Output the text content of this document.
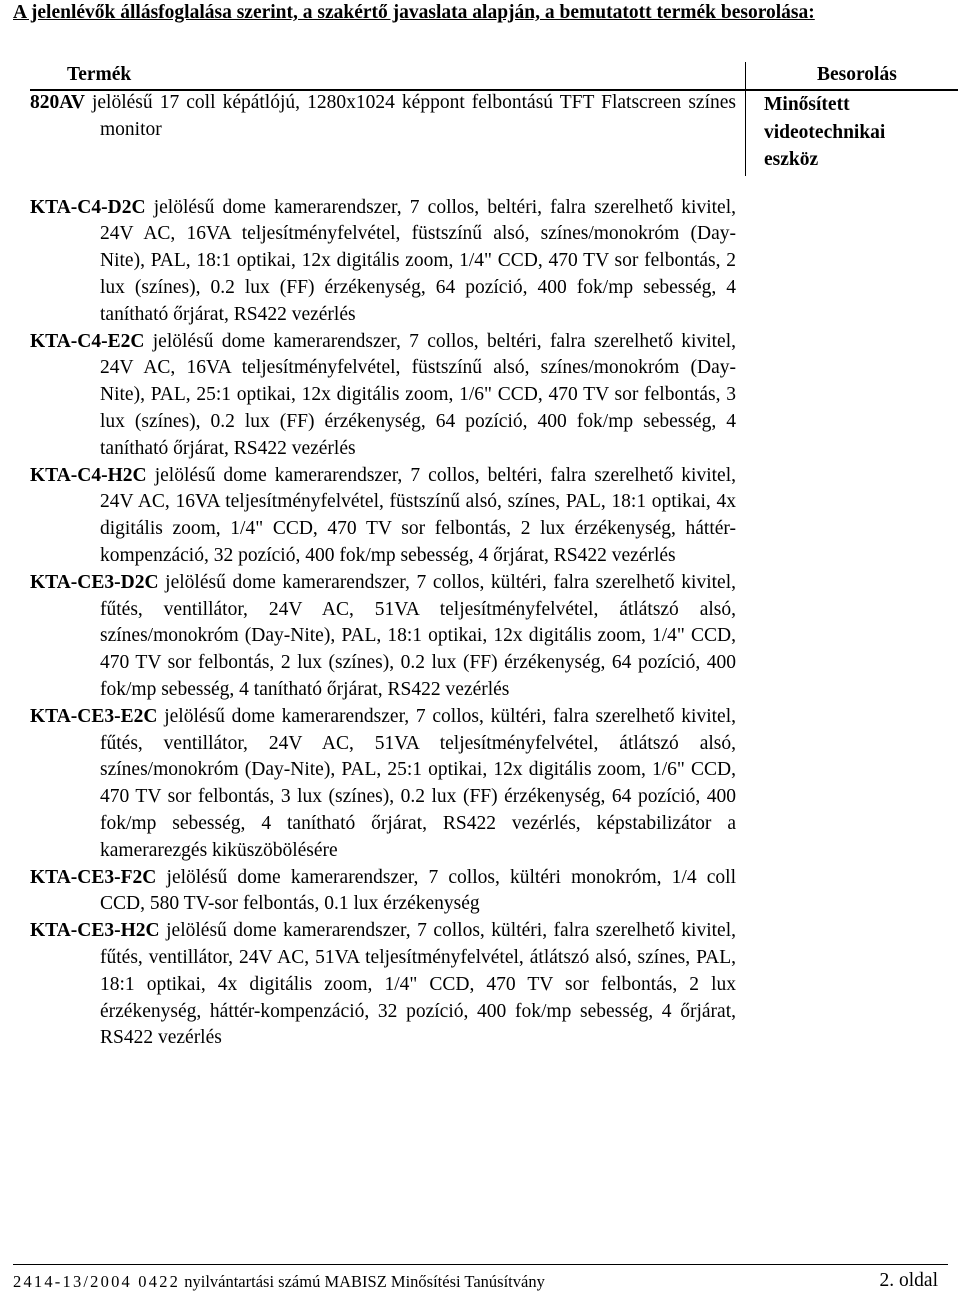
A jelenlévők állásfoglalása szerint, a szakértő javaslata alapján, a bemutatott termék besorolása:
Termék	Besorolás
Minősített videotechnikai eszköz

820AV jelölésű 17 coll képátlójú, 1280x1024 képpont felbontású TFT Flatscreen színes monitor

KTA-C4-D2C jelölésű dome kamerarendszer, 7 collos, beltéri, falra szerelhető kivitel, 24V AC, 16VA teljesítményfelvétel, füstszínű alsó, színes/monokróm (Day-Nite), PAL, 18:1 optikai, 12x digitális zoom, 1/4" CCD, 470 TV sor felbontás, 2 lux (színes), 0.2 lux (FF) érzékenység, 64 pozíció, 400 fok/mp sebesség, 4 tanítható őrjárat, RS422 vezérlés

KTA-C4-E2C jelölésű dome kamerarendszer, 7 collos, beltéri, falra szerelhető kivitel, 24V AC, 16VA teljesítményfelvétel, füstszínű alsó, színes/monokróm (Day-Nite), PAL, 25:1 optikai, 12x digitális zoom, 1/6" CCD, 470 TV sor felbontás, 3 lux (színes), 0.2 lux (FF) érzékenység, 64 pozíció, 400 fok/mp sebesség, 4 tanítható őrjárat, RS422 vezérlés

KTA-C4-H2C jelölésű dome kamerarendszer, 7 collos, beltéri, falra szerelhető kivitel, 24V AC, 16VA teljesítményfelvétel, füstszínű alsó, színes, PAL, 18:1 optikai, 4x digitális zoom, 1/4" CCD, 470 TV sor felbontás, 2 lux érzékenység, háttér-kompenzáció, 32 pozíció, 400 fok/mp sebesség, 4 őrjárat, RS422 vezérlés

KTA-CE3-D2C jelölésű dome kamerarendszer, 7 collos, kültéri, falra szerelhető kivitel, fűtés, ventillátor, 24V AC, 51VA teljesítményfelvétel, átlátszó alsó, színes/monokróm (Day-Nite), PAL, 18:1 optikai, 12x digitális zoom, 1/4" CCD, 470 TV sor felbontás, 2 lux (színes), 0.2 lux (FF) érzékenység, 64 pozíció, 400 fok/mp sebesség, 4 tanítható őrjárat, RS422 vezérlés

KTA-CE3-E2C jelölésű dome kamerarendszer, 7 collos, kültéri, falra szerelhető kivitel, fűtés, ventillátor, 24V AC, 51VA teljesítményfelvétel, átlátszó alsó, színes/monokróm (Day-Nite), PAL, 25:1 optikai, 12x digitális zoom, 1/6" CCD, 470 TV sor felbontás, 3 lux (színes), 0.2 lux (FF) érzékenység, 64 pozíció, 400 fok/mp sebesség, 4 tanítható őrjárat, RS422 vezérlés, képstabilizátor a kamerarezgés kiküszöbölésére

KTA-CE3-F2C jelölésű dome kamerarendszer, 7 collos, kültéri monokróm, 1/4 coll CCD, 580 TV-sor felbontás, 0.1 lux érzékenység

KTA-CE3-H2C jelölésű dome kamerarendszer, 7 collos, kültéri, falra szerelhető kivitel, fűtés, ventillátor, 24V AC, 51VA teljesítményfelvétel, átlátszó alsó, színes, PAL, 18:1 optikai, 4x digitális zoom, 1/4" CCD, 470 TV sor felbontás, 2 lux érzékenység, háttér-kompenzáció, 32 pozíció, 400 fok/mp sebesség, 4 őrjárat, RS422 vezérlés

2414-13/2004 0422 nyilvántartási számú MABISZ Minősítési Tanúsítvány	2. oldal
